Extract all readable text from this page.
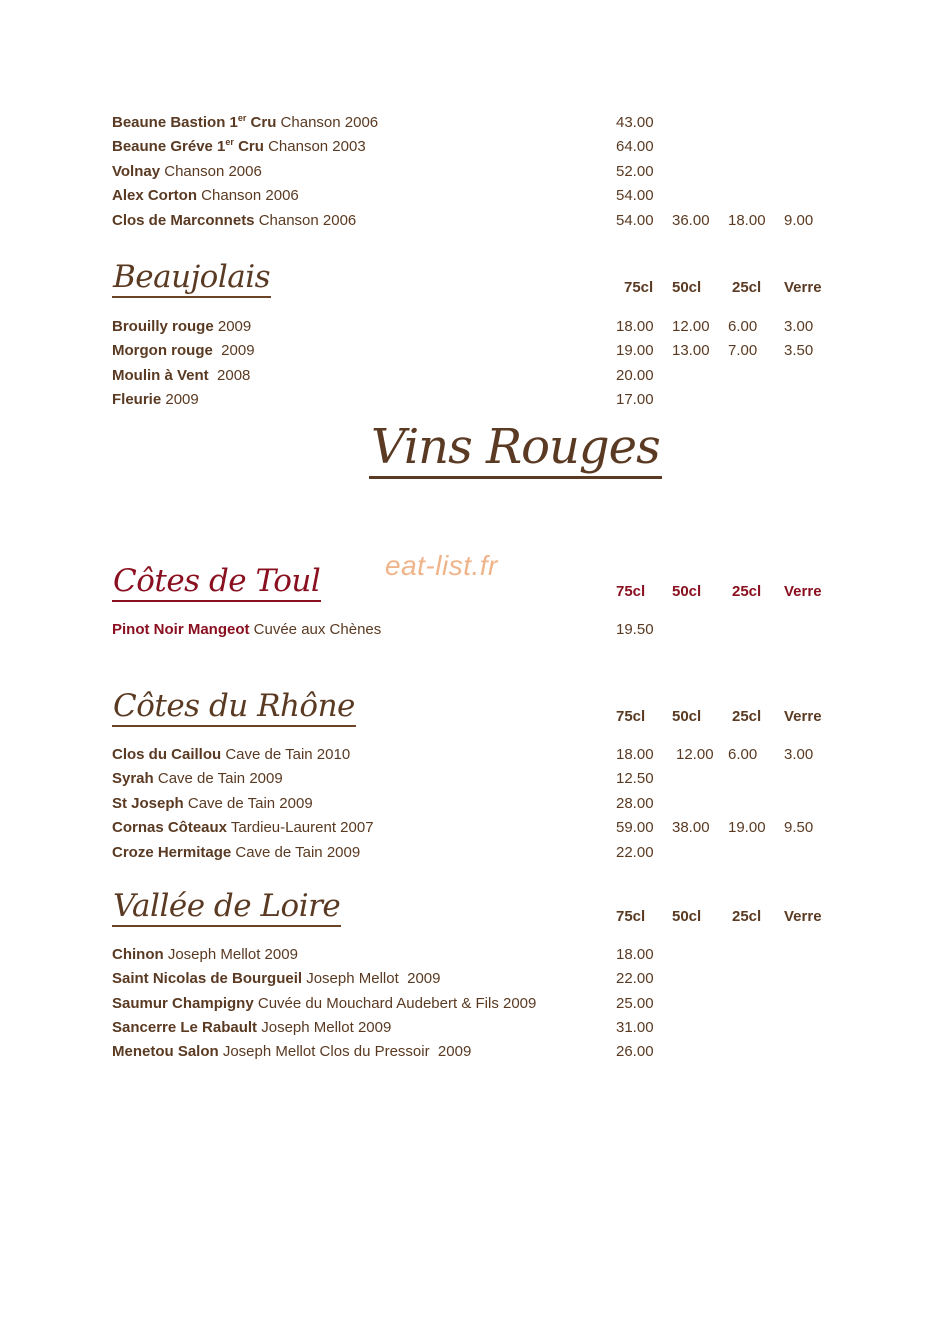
Beaune Bastion 1er Cru Chanson 2006	43.00
Beaune Gréve 1er Cru Chanson 2003	64.00
Volnay Chanson 2006	52.00
Alex Corton Chanson 2006	54.00
Clos de Marconnets Chanson 2006	54.00 36.00 18.00 9.00
Beaujolais	75cl 50cl 25cl Verre
Brouilly rouge 2009	18.00 12.00 6.00 3.00
Morgon rouge  2009	19.00 13.00 7.00 3.50
Moulin à Vent  2008	20.00
Fleurie 2009	17.00
Vins Rouges
eat-list.fr
Côtes de Toul	75cl 50cl 25cl Verre
Pinot Noir Mangeot Cuvée aux Chènes	19.50
Côtes du Rhône	75cl 50cl 25cl Verre
Clos du Caillou Cave de Tain 2010	18.00 12.00 6.00 3.00
Syrah Cave de Tain 2009	12.50
St Joseph Cave de Tain 2009	28.00
Cornas Côteaux Tardieu-Laurent 2007	59.00 38.00 19.00 9.50
Croze Hermitage Cave de Tain 2009	22.00
Vallée de Loire	75cl 50cl 25cl Verre
Chinon Joseph Mellot 2009	18.00
Saint Nicolas de Bourgueil Joseph Mellot  2009	22.00
Saumur Champigny Cuvée du Mouchard Audebert & Fils 2009	25.00
Sancerre Le Rabault Joseph Mellot 2009	31.00
Menetou Salon Joseph Mellot Clos du Pressoir  2009	26.00
